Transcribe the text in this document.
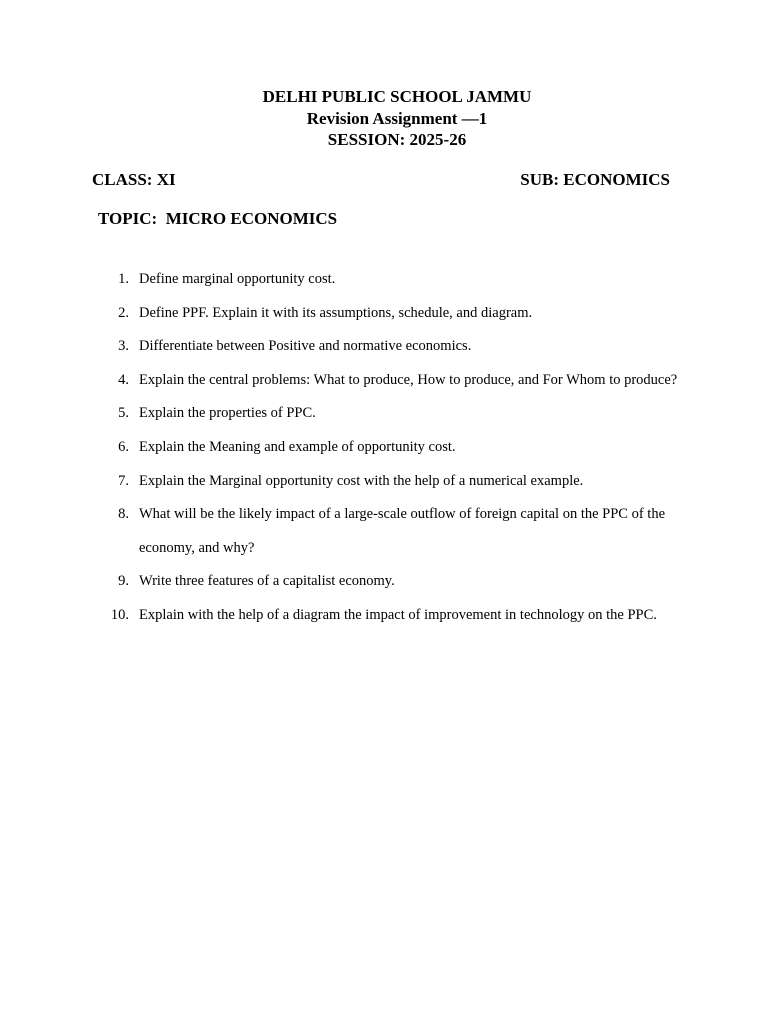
DELHI PUBLIC SCHOOL JAMMU
Revision Assignment —1
SESSION: 2025-26
CLASS: XI	SUB: ECONOMICS
TOPIC:  MICRO ECONOMICS
1. Define marginal opportunity cost.
2. Define PPF. Explain it with its assumptions, schedule, and diagram.
3. Differentiate between Positive and normative economics.
4. Explain the central problems: What to produce, How to produce, and For Whom to produce?
5. Explain the properties of PPC.
6. Explain the Meaning and example of opportunity cost.
7. Explain the Marginal opportunity cost with the help of a numerical example.
8. What will be the likely impact of a large-scale outflow of foreign capital on the PPC of the economy, and why?
9. Write three features of a capitalist economy.
10. Explain with the help of a diagram the impact of improvement in technology on the PPC.
